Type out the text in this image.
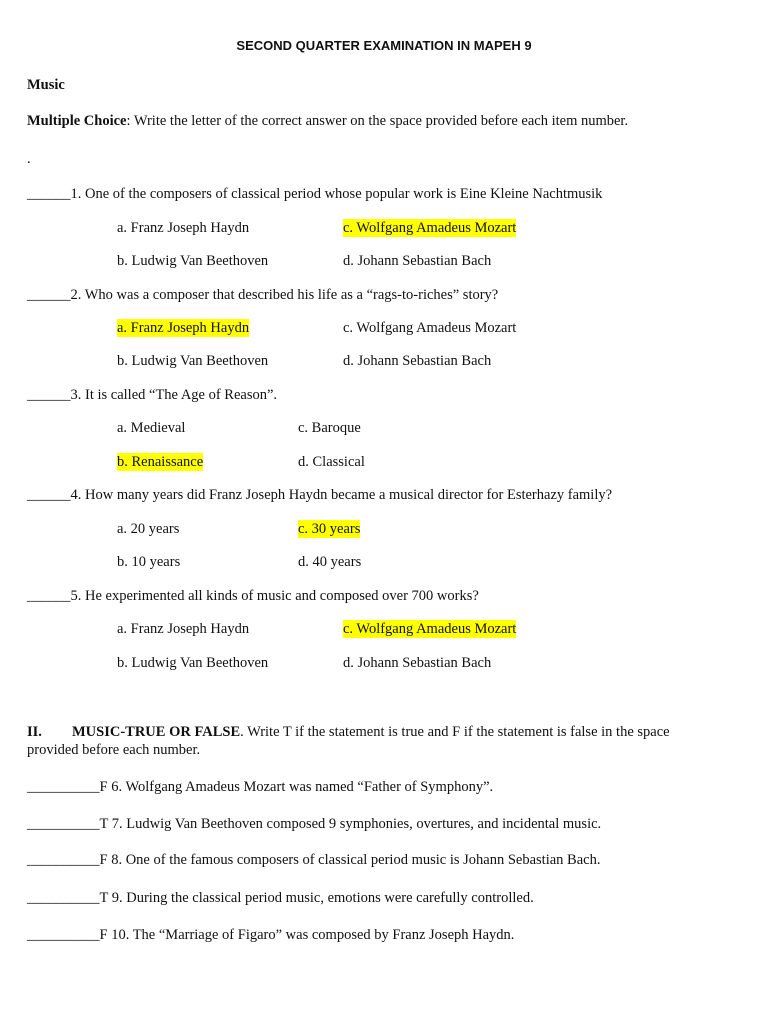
SECOND QUARTER EXAMINATION IN MAPEH 9
Music
Multiple Choice: Write the letter of the correct answer on the space provided before each item number.
.
______1. One of the composers of classical period whose popular work is Eine Kleine Nachtmusik
a. Franz Joseph Haydn	c. Wolfgang Amadeus Mozart
b. Ludwig Van Beethoven	d. Johann Sebastian Bach
______2. Who was a composer that described his life as a “rags-to-riches” story?
a. Franz Joseph Haydn	c. Wolfgang Amadeus Mozart
b. Ludwig Van Beethoven	d. Johann Sebastian Bach
______3. It is called “The Age of Reason”.
a. Medieval	c. Baroque
b. Renaissance	d. Classical
______4. How many years did Franz Joseph Haydn became a musical director for Esterhazy family?
a. 20 years	c. 30 years
b. 10 years	d. 40 years
______5. He experimented all kinds of music and composed over 700 works?
a. Franz Joseph Haydn	c. Wolfgang Amadeus Mozart
b. Ludwig Van Beethoven	d. Johann Sebastian Bach
II. MUSIC-TRUE OR FALSE. Write T if the statement is true and F if the statement is false in the space
provided before each number.
__________F 6. Wolfgang Amadeus Mozart was named “Father of Symphony”.
__________T 7. Ludwig Van Beethoven composed 9 symphonies, overtures, and incidental music.
__________F 8. One of the famous composers of classical period music is Johann Sebastian Bach.
__________T 9. During the classical period music, emotions were carefully controlled.
__________F 10. The “Marriage of Figaro” was composed by Franz Joseph Haydn.
